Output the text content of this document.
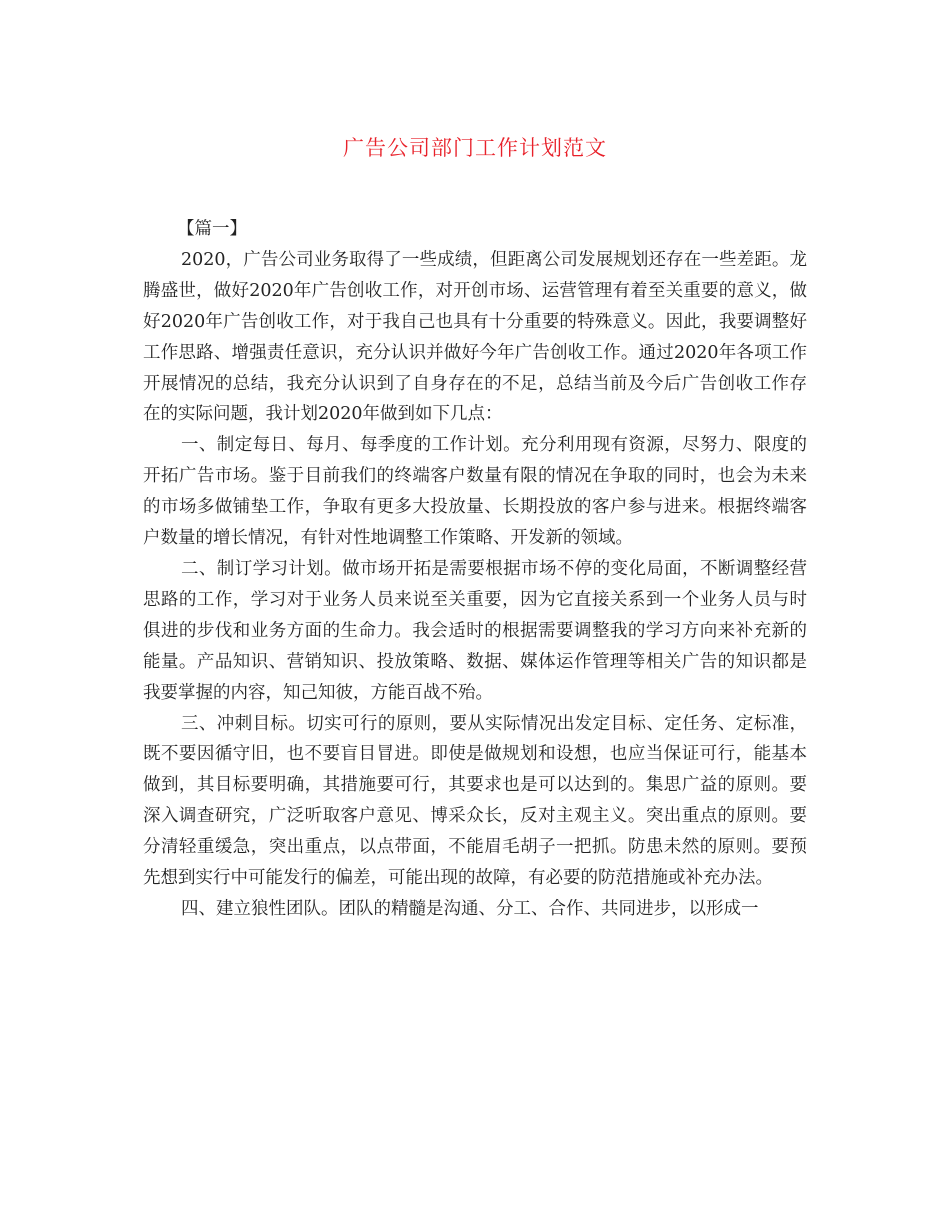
广告公司部门工作计划范文

【篇一】

2020，广告公司业务取得了一些成绩，但距离公司发展规划还存在一些差距。龙腾盛世，做好2020年广告创收工作，对开创市场、运营管理有着至关重要的意义，做好2020年广告创收工作，对于我自己也具有十分重要的特殊意义。因此，我要调整好工作思路、增强责任意识，充分认识并做好今年广告创收工作。通过2020年各项工作开展情况的总结，我充分认识到了自身存在的不足，总结当前及今后广告创收工作存在的实际问题，我计划2020年做到如下几点：

一、制定每日、每月、每季度的工作计划。充分利用现有资源，尽努力、限度的开拓广告市场。鉴于目前我们的终端客户数量有限的情况在争取的同时，也会为未来的市场多做铺垫工作，争取有更多大投放量、长期投放的客户参与进来。根据终端客户数量的增长情况，有针对性地调整工作策略、开发新的领域。

二、制订学习计划。做市场开拓是需要根据市场不停的变化局面，不断调整经营思路的工作，学习对于业务人员来说至关重要，因为它直接关系到一个业务人员与时俱进的步伐和业务方面的生命力。我会适时的根据需要调整我的学习方向来补充新的能量。产品知识、营销知识、投放策略、数据、媒体运作管理等相关广告的知识都是我要掌握的内容，知己知彼，方能百战不殆。

三、冲刺目标。切实可行的原则，要从实际情况出发定目标、定任务、定标准，既不要因循守旧，也不要盲目冒进。即使是做规划和设想，也应当保证可行，能基本做到，其目标要明确，其措施要可行，其要求也是可以达到的。集思广益的原则。要深入调查研究，广泛听取客户意见、博采众长，反对主观主义。突出重点的原则。要分清轻重缓急，突出重点，以点带面，不能眉毛胡子一把抓。防患未然的原则。要预先想到实行中可能发行的偏差，可能出现的故障，有必要的防范措施或补充办法。

四、建立狼性团队。团队的精髓是沟通、分工、合作、共同进步，以形成一
